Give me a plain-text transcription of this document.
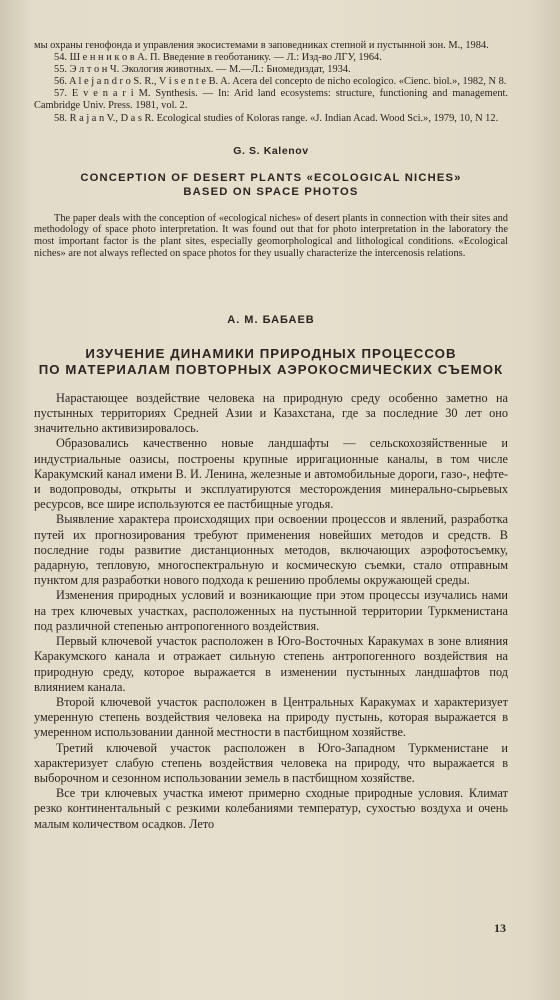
мы охраны генофонда и управления экосистемами в заповедниках степной и пустынной зон. М., 1984.

54. Ш е н н и к о в А. П. Введение в геоботанику. — Л.: Изд-во ЛГУ, 1964.

55. Э л т о н Ч. Экология животных. — М.—Л.: Биомедиздат, 1934.

56. A l e j a n d r o S. R., V i s e n t e B. A. Acera del concepto de nicho ecologico. «Cienc. biol.», 1982, N 8.

57. E v e n a r i M. Synthesis. — In: Arid land ecosystems: structure, functioning and management. Cambridge Univ. Press. 1981, vol. 2.

58. R a j a n V., D a s R. Ecological studies of Koloras range. «J. Indian Acad. Wood Sci.», 1979, 10, N 12.

G. S. Kalenov
CONCEPTION OF DESERT PLANTS «ECOLOGICAL NICHES»
BASED ON SPACE PHOTOS

The paper deals with the conception of «ecological niches» of desert plants in connection with their sites and methodology of space photo interpretation. It was found out that for photo interpretation in the laboratory the most important factor is the plant sites, especially geomorphological and lithological conditions. «Ecological niches» are not always reflected on space photos for they usually characterize the intercenosis relations.

А. М. БАБАЕВ
ИЗУЧЕНИЕ ДИНАМИКИ ПРИРОДНЫХ ПРОЦЕССОВ
ПО МАТЕРИАЛАМ ПОВТОРНЫХ АЭРОКОСМИЧЕСКИХ СЪЕМОК

Нарастающее воздействие человека на природную среду особенно заметно на пустынных территориях Средней Азии и Казахстана, где за последние 30 лет оно значительно активизировалось.

Образовались качественно новые ландшафты — сельскохозяйственные и индустриальные оазисы, построены крупные ирригационные каналы, в том числе Каракумский канал имени В. И. Ленина, железные и автомобильные дороги, газо-, нефте- и водопроводы, открыты и эксплуатируются месторождения минерально-сырьевых ресурсов, все шире используются ее пастбищные угодья.

Выявление характера происходящих при освоении процессов и явлений, разработка путей их прогнозирования требуют применения новейших методов и средств. В последние годы развитие дистанционных методов, включающих аэрофотосъемку, радарную, тепловую, многоспектральную и космическую съемки, стало отправным пунктом для разработки нового подхода к решению проблемы окружающей среды.

Изменения природных условий и возникающие при этом процессы изучались нами на трех ключевых участках, расположенных на пустынной территории Туркменистана под различной степенью антропогенного воздействия.

Первый ключевой участок расположен в Юго-Восточных Каракумах в зоне влияния Каракумского канала и отражает сильную степень антропогенного воздействия на природную среду, которое выражается в изменении пустынных ландшафтов под влиянием канала.

Второй ключевой участок расположен в Центральных Каракумах и характеризует умеренную степень воздействия человека на природу пустынь, которая выражается в умеренном использовании данной местности в пастбищном хозяйстве.

Третий ключевой участок расположен в Юго-Западном Туркменистане и характеризует слабую степень воздействия человека на природу, что выражается в выборочном и сезонном использовании земель в пастбищном хозяйстве.

Все три ключевых участка имеют примерно сходные природные условия. Климат резко континентальный с резкими колебаниями температур, сухостью воздуха и очень малым количеством осадков. Лето

13
